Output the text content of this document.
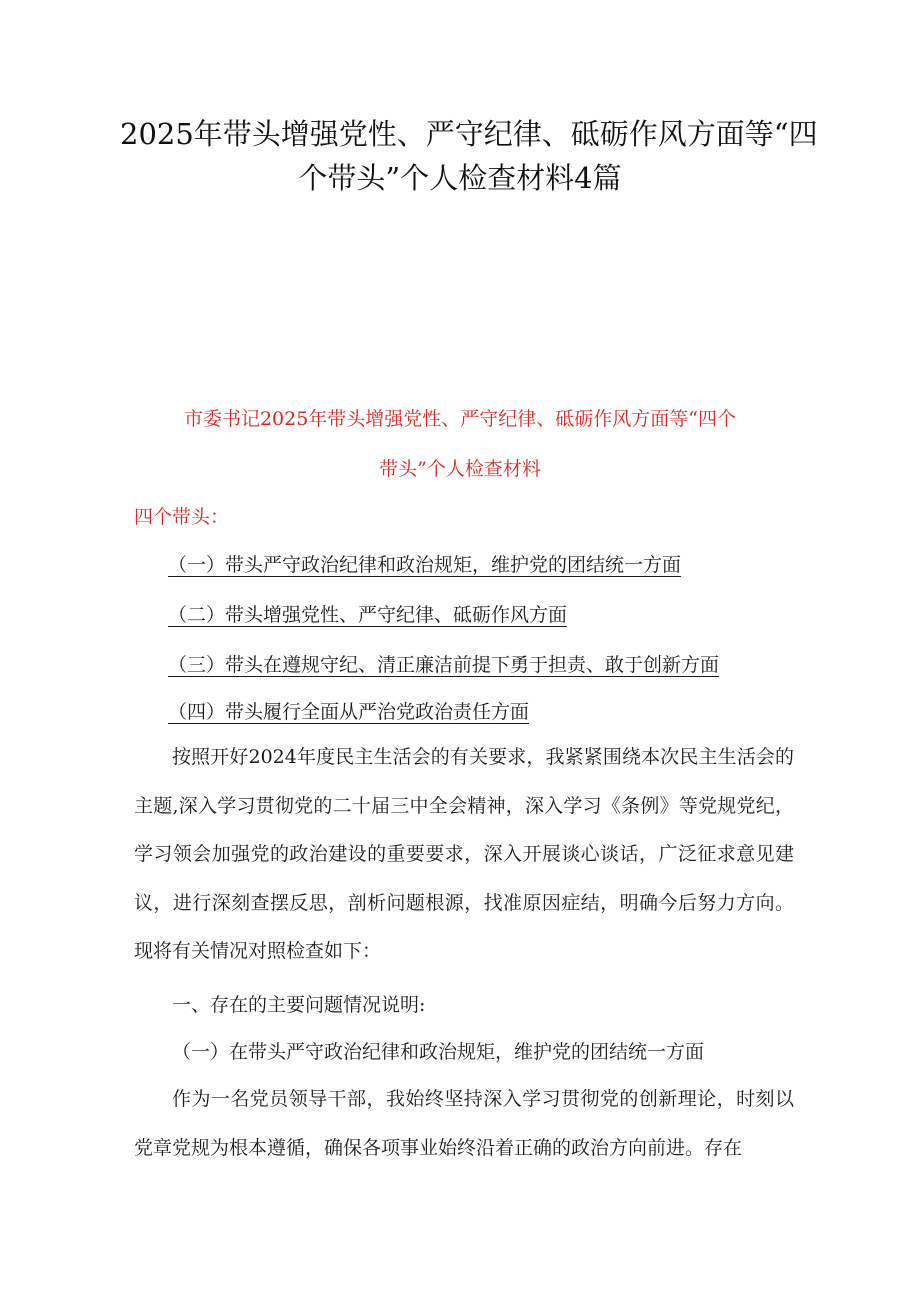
2025年带头增强党性、严守纪律、砥砺作风方面等“四
个带头”个人检查材料4篇
市委书记2025年带头增强党性、严守纪律、砥砺作风方面等“四个
带头”个人检查材料
四个带头：
（一）带头严守政治纪律和政治规矩，维护党的团结统一方面
（二）带头增强党性、严守纪律、砥砺作风方面
（三）带头在遵规守纪、清正廉洁前提下勇于担责、敢于创新方面
（四）带头履行全面从严治党政治责任方面
按照开好2024年度民主生活会的有关要求，我紧紧围绕本次民主生活会的主题,深入学习贯彻党的二十届三中全会精神，深入学习《条例》等党规党纪，学习领会加强党的政治建设的重要要求，深入开展谈心谈话，广泛征求意见建议，进行深刻查摆反思，剖析问题根源，找准原因症结，明确今后努力方向。现将有关情况对照检查如下：
一、存在的主要问题情况说明:
（一）在带头严守政治纪律和政治规矩，维护党的团结统一方面
作为一名党员领导干部，我始终坚持深入学习贯彻党的创新理论，时刻以党章党规为根本遵循，确保各项事业始终沿着正确的政治方向前进。存在
